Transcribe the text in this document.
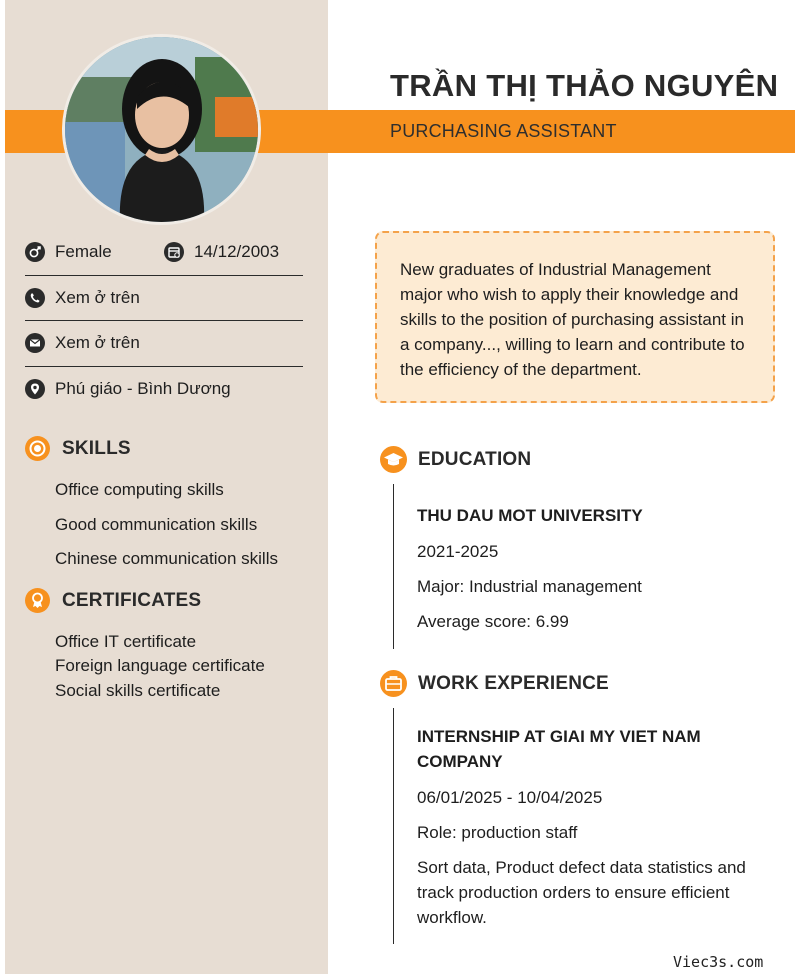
TRẦN THỊ THẢO NGUYÊN
PURCHASING ASSISTANT
Female	14/12/2003
Xem ở trên
Xem ở trên
Phú giáo - Bình Dương
SKILLS
Office computing skills
Good communication skills
Chinese communication skills
CERTIFICATES
Office IT certificate
Foreign language certificate
Social skills certificate
New graduates of Industrial Management major who wish to apply their knowledge and skills to the position of purchasing assistant in a company..., willing to learn and contribute to the efficiency of the department.
EDUCATION
THU DAU MOT UNIVERSITY
2021-2025
Major: Industrial management
Average score: 6.99
WORK EXPERIENCE
INTERNSHIP AT GIAI MY VIET NAM COMPANY
06/01/2025 - 10/04/2025
Role: production staff
Sort data, Product defect data statistics and track production orders to ensure efficient workflow.
Viec3s.com
